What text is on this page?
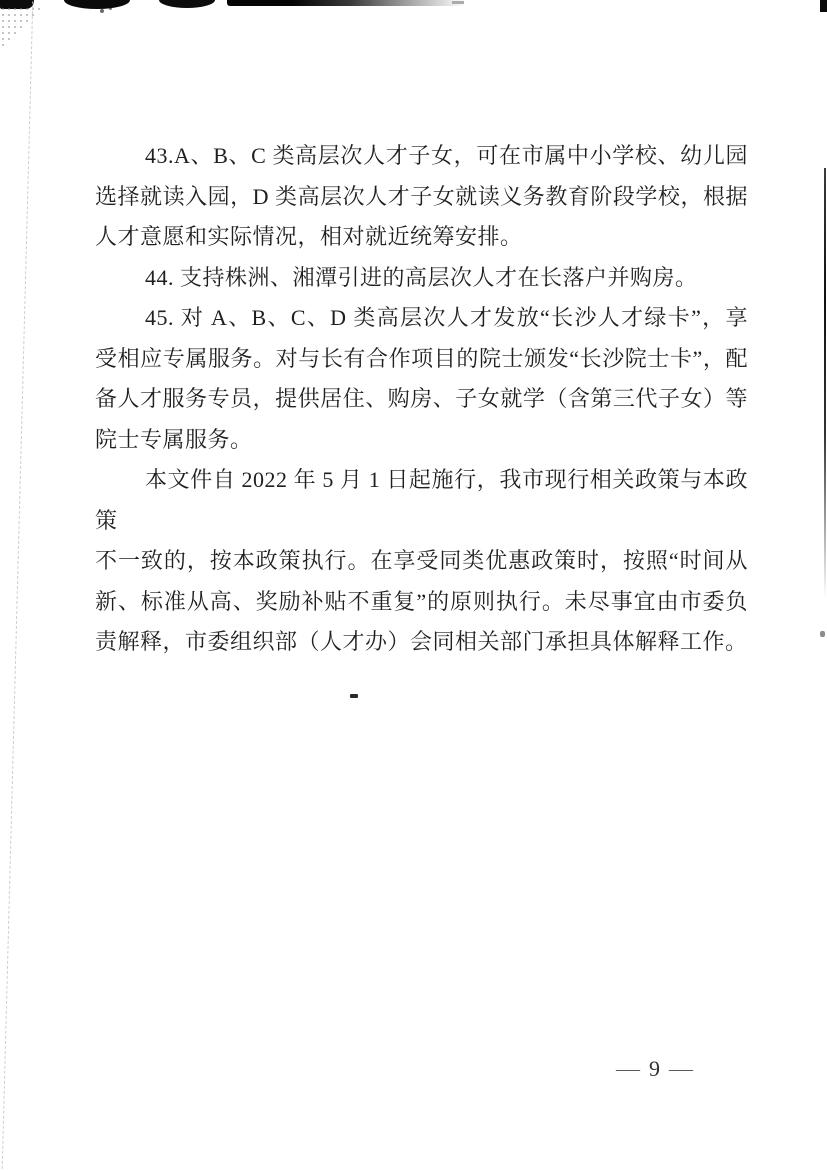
43.A、B、C 类高层次人才子女，可在市属中小学校、幼儿园
选择就读入园，D 类高层次人才子女就读义务教育阶段学校，根据
人才意愿和实际情况，相对就近统筹安排。
44. 支持株洲、湘潭引进的高层次人才在长落户并购房。
45. 对 A、B、C、D 类高层次人才发放“长沙人才绿卡”，享
受相应专属服务。对与长有合作项目的院士颁发“长沙院士卡”，配
备人才服务专员，提供居住、购房、子女就学（含第三代子女）等
院士专属服务。
本文件自 2022 年 5 月 1 日起施行，我市现行相关政策与本政策
不一致的，按本政策执行。在享受同类优惠政策时，按照“时间从
新、标准从高、奖励补贴不重复”的原则执行。未尽事宜由市委负
责解释，市委组织部（人才办）会同相关部门承担具体解释工作。
— 9 —
